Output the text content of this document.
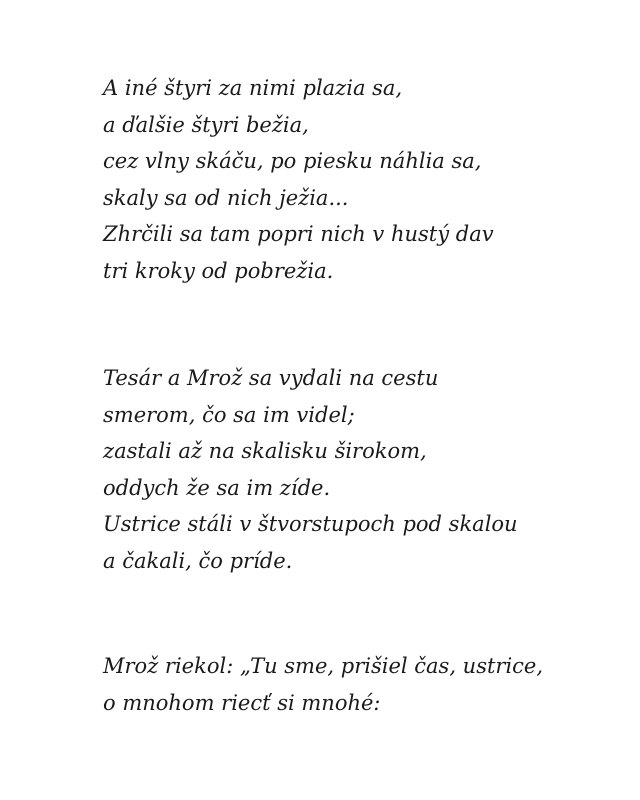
A iné štyri za nimi plazia sa,
a ďalšie štyri bežia,
cez vlny skáču, po piesku náhlia sa,
skaly sa od nich ježia...
Zhrčili sa tam popri nich v hustý dav
tri kroky od pobrežia.
Tesár a Mrož sa vydali na cestu
smerom, čo sa im videl;
zastali až na skalisku širokom,
oddych že sa im zíde.
Ustrice stáli v štvorstupoch pod skalou
a čakali, čo príde.
Mrož riekol: „Tu sme, prišiel čas, ustrice,
o mnohom riecť si mnohé:
